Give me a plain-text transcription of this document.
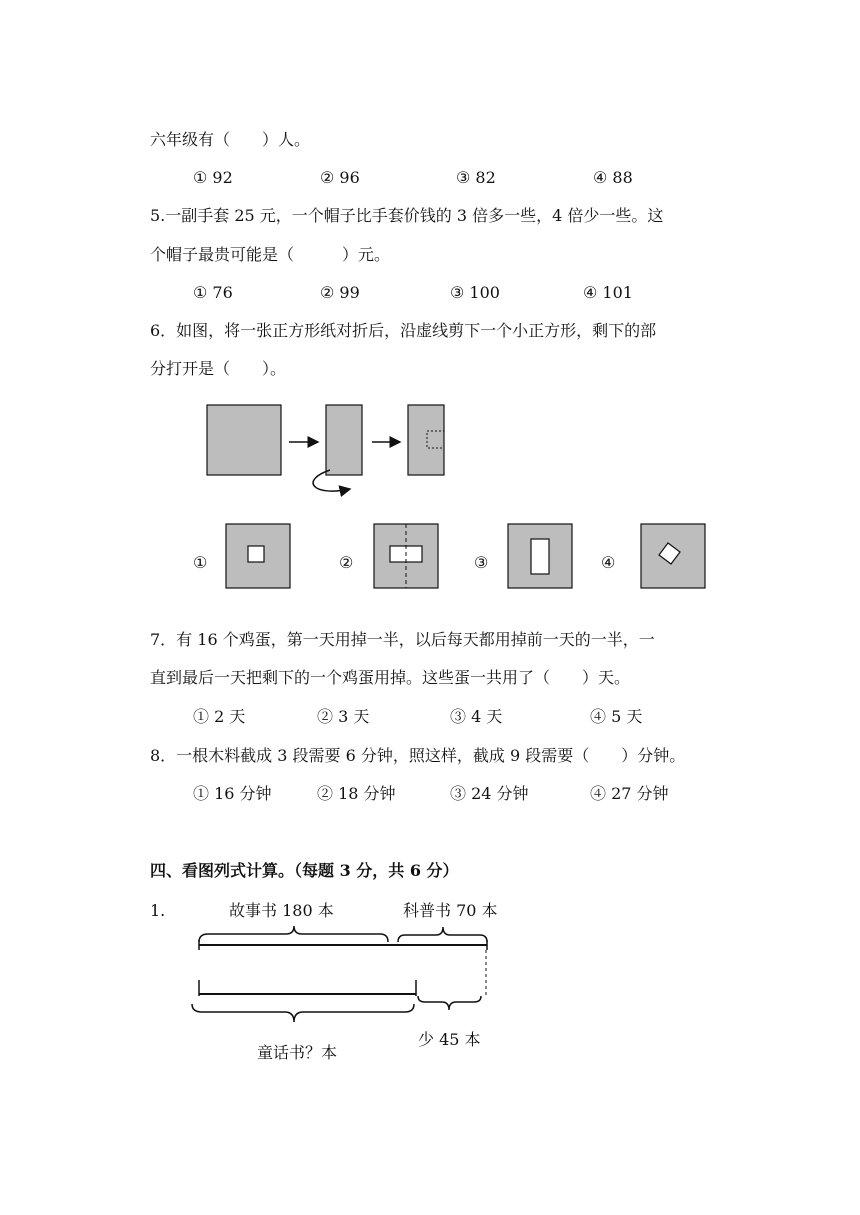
六年级有（　　）人。
① 92	② 96	③ 82	④ 88
5.一副手套 25 元，一个帽子比手套价钱的 3 倍多一些，4 倍少一些。这
个帽子最贵可能是（　　　）元。
① 76	② 99	③ 100	④ 101
6．如图，将一张正方形纸对折后，沿虚线剪下一个小正方形，剩下的部
分打开是（　　）。
①	②	③	④
7．有 16 个鸡蛋，第一天用掉一半，以后每天都用掉前一天的一半，一
直到最后一天把剩下的一个鸡蛋用掉。这些蛋一共用了（　　）天。
① 2 天	② 3 天	③ 4 天	④ 5 天
8．一根木料截成 3 段需要 6 分钟，照这样，截成 9 段需要（　　）分钟。
① 16 分钟	② 18 分钟	③ 24 分钟	④ 27 分钟
四、看图列式计算。（每题 3 分，共 6 分）
1.	故事书 180 本	科普书 70 本
少 45 本
童话书？本
